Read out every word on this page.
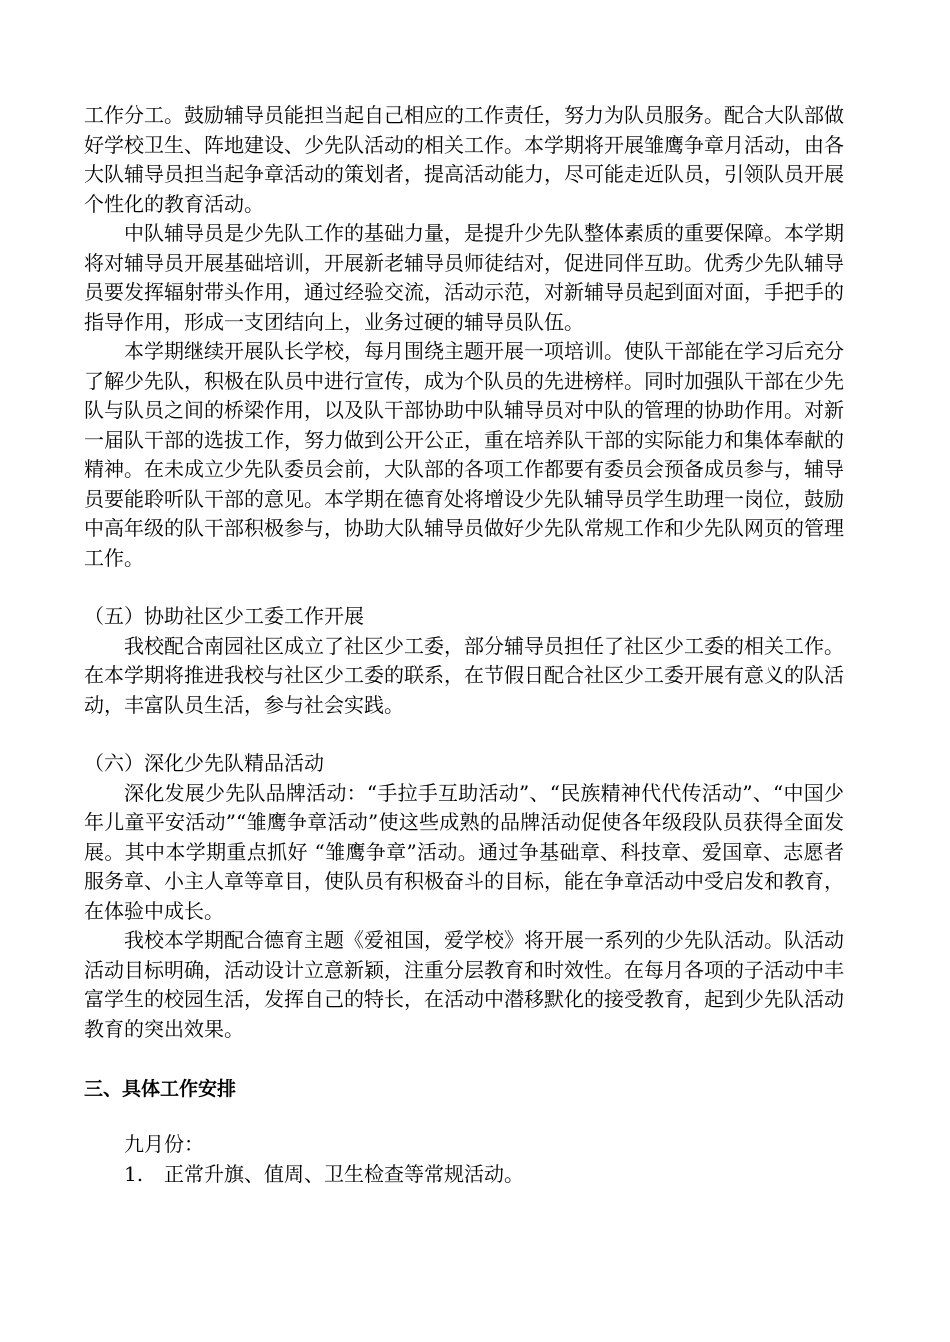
工作分工。鼓励辅导员能担当起自己相应的工作责任，努力为队员服务。配合大队部做好学校卫生、阵地建设、少先队活动的相关工作。本学期将开展雏鹰争章月活动，由各大队辅导员担当起争章活动的策划者，提高活动能力，尽可能走近队员，引领队员开展个性化的教育活动。

中队辅导员是少先队工作的基础力量，是提升少先队整体素质的重要保障。本学期将对辅导员开展基础培训，开展新老辅导员师徒结对，促进同伴互助。优秀少先队辅导员要发挥辐射带头作用，通过经验交流，活动示范，对新辅导员起到面对面，手把手的指导作用，形成一支团结向上，业务过硬的辅导员队伍。

本学期继续开展队长学校，每月围绕主题开展一项培训。使队干部能在学习后充分了解少先队，积极在队员中进行宣传，成为个队员的先进榜样。同时加强队干部在少先队与队员之间的桥梁作用，以及队干部协助中队辅导员对中队的管理的协助作用。对新一届队干部的选拔工作，努力做到公开公正，重在培养队干部的实际能力和集体奉献的精神。在未成立少先队委员会前，大队部的各项工作都要有委员会预备成员参与，辅导员要能聆听队干部的意见。本学期在德育处将增设少先队辅导员学生助理一岗位，鼓励中高年级的队干部积极参与，协助大队辅导员做好少先队常规工作和少先队网页的管理工作。

（五）协助社区少工委工作开展

我校配合南园社区成立了社区少工委，部分辅导员担任了社区少工委的相关工作。在本学期将推进我校与社区少工委的联系，在节假日配合社区少工委开展有意义的队活动，丰富队员生活，参与社会实践。

（六）深化少先队精品活动

深化发展少先队品牌活动：“手拉手互助活动”、“民族精神代代传活动”、“中国少年儿童平安活动”“雏鹰争章活动”使这些成熟的品牌活动促使各年级段队员获得全面发展。其中本学期重点抓好 “雏鹰争章”活动。通过争基础章、科技章、爱国章、志愿者服务章、小主人章等章目，使队员有积极奋斗的目标，能在争章活动中受启发和教育，在体验中成长。

我校本学期配合德育主题《爱祖国，爱学校》将开展一系列的少先队活动。队活动活动目标明确，活动设计立意新颖，注重分层教育和时效性。在每月各项的子活动中丰富学生的校园生活，发挥自己的特长，在活动中潜移默化的接受教育，起到少先队活动教育的突出效果。

三、具体工作安排

九月份：

1.	正常升旗、值周、卫生检查等常规活动。
